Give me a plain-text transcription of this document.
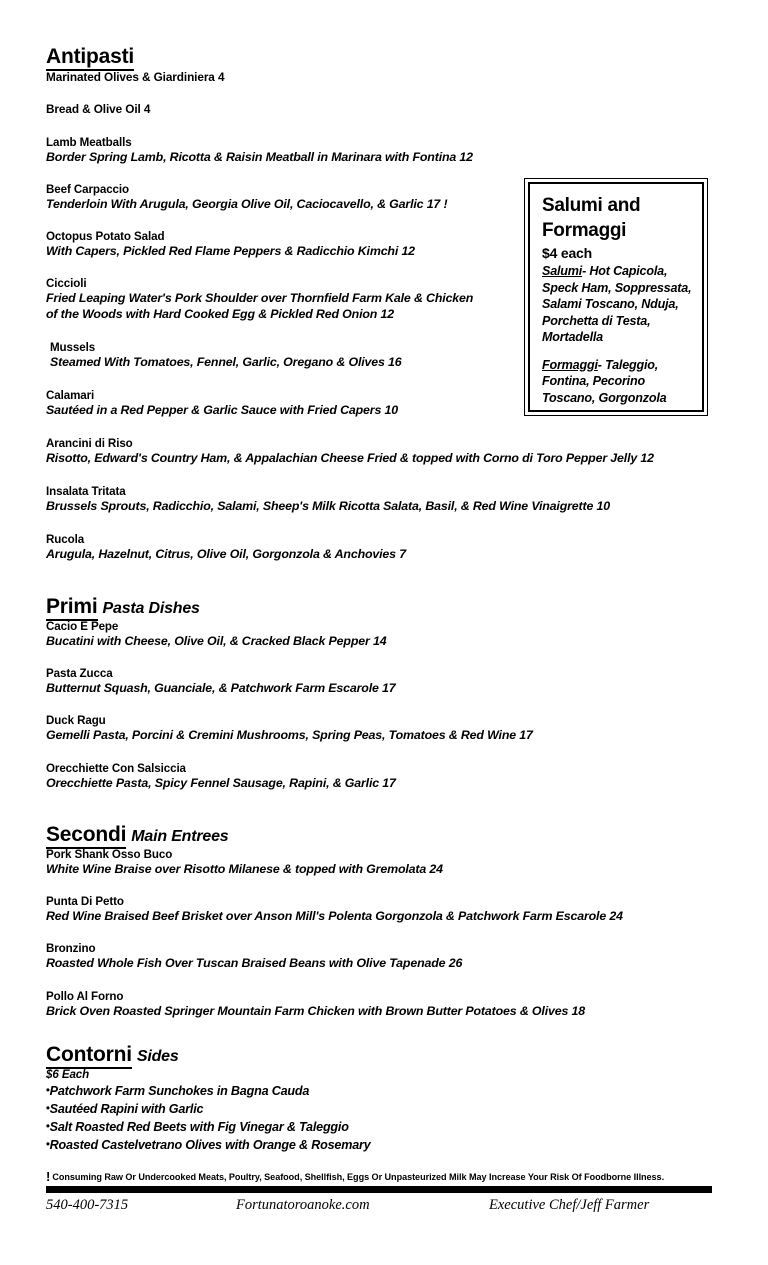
Antipasti
Marinated Olives & Giardiniera 4
Bread & Olive Oil 4
Lamb Meatballs
Border Spring Lamb, Ricotta & Raisin Meatball in Marinara with Fontina 12
Beef Carpaccio
Tenderloin With Arugula, Georgia Olive Oil, Caciocavello, & Garlic 17 !
Octopus Potato Salad
With Capers, Pickled Red Flame Peppers & Radicchio Kimchi 12
Ciccioli
Fried Leaping Water's Pork Shoulder over Thornfield Farm Kale & Chicken
of the Woods with Hard Cooked Egg & Pickled Red Onion 12
Mussels
Steamed With Tomatoes, Fennel, Garlic, Oregano & Olives 16
Calamari
Sautéed in a Red Pepper & Garlic Sauce with Fried Capers 10
Arancini di Riso
Risotto, Edward's Country Ham, & Appalachian Cheese Fried & topped with Corno di Toro Pepper Jelly 12
Insalata Tritata
Brussels Sprouts, Radicchio, Salami, Sheep's Milk Ricotta Salata, Basil, & Red Wine Vinaigrette 10
Rucola
Arugula, Hazelnut, Citrus, Olive Oil, Gorgonzola & Anchovies 7
Salumi and
Formaggi
$4 each
Salumi- Hot Capicola, Speck Ham, Soppressata, Salami Toscano, Nduja, Porchetta di Testa, Mortadella
Formaggi- Taleggio, Fontina, Pecorino Toscano, Gorgonzola
Primi Pasta Dishes
Cacio E Pepe
Bucatini with Cheese, Olive Oil, & Cracked Black Pepper 14
Pasta Zucca
Butternut Squash, Guanciale, & Patchwork Farm Escarole 17
Duck Ragu
Gemelli Pasta, Porcini & Cremini Mushrooms, Spring Peas, Tomatoes & Red Wine 17
Orecchiette Con Salsiccia
Orecchiette Pasta, Spicy Fennel Sausage, Rapini, & Garlic 17
Secondi Main Entrees
Pork Shank Osso Buco
White Wine Braise over Risotto Milanese & topped with Gremolata 24
Punta Di Petto
Red Wine Braised Beef Brisket over Anson Mill's Polenta Gorgonzola & Patchwork Farm Escarole 24
Bronzino
Roasted Whole Fish Over Tuscan Braised Beans with Olive Tapenade 26
Pollo Al Forno
Brick Oven Roasted Springer Mountain Farm Chicken with Brown Butter Potatoes & Olives 18
Contorni Sides
$6 Each
•Patchwork Farm Sunchokes in Bagna Cauda
•Sautéed Rapini with Garlic
•Salt Roasted Red Beets with Fig Vinegar & Taleggio
•Roasted Castelvetrano Olives with Orange & Rosemary
! Consuming Raw Or Undercooked Meats, Poultry, Seafood, Shellfish, Eggs Or Unpasteurized Milk May Increase Your Risk Of Foodborne Illness.
540-400-7315	Fortunatoroanoke.com	Executive Chef/Jeff Farmer
